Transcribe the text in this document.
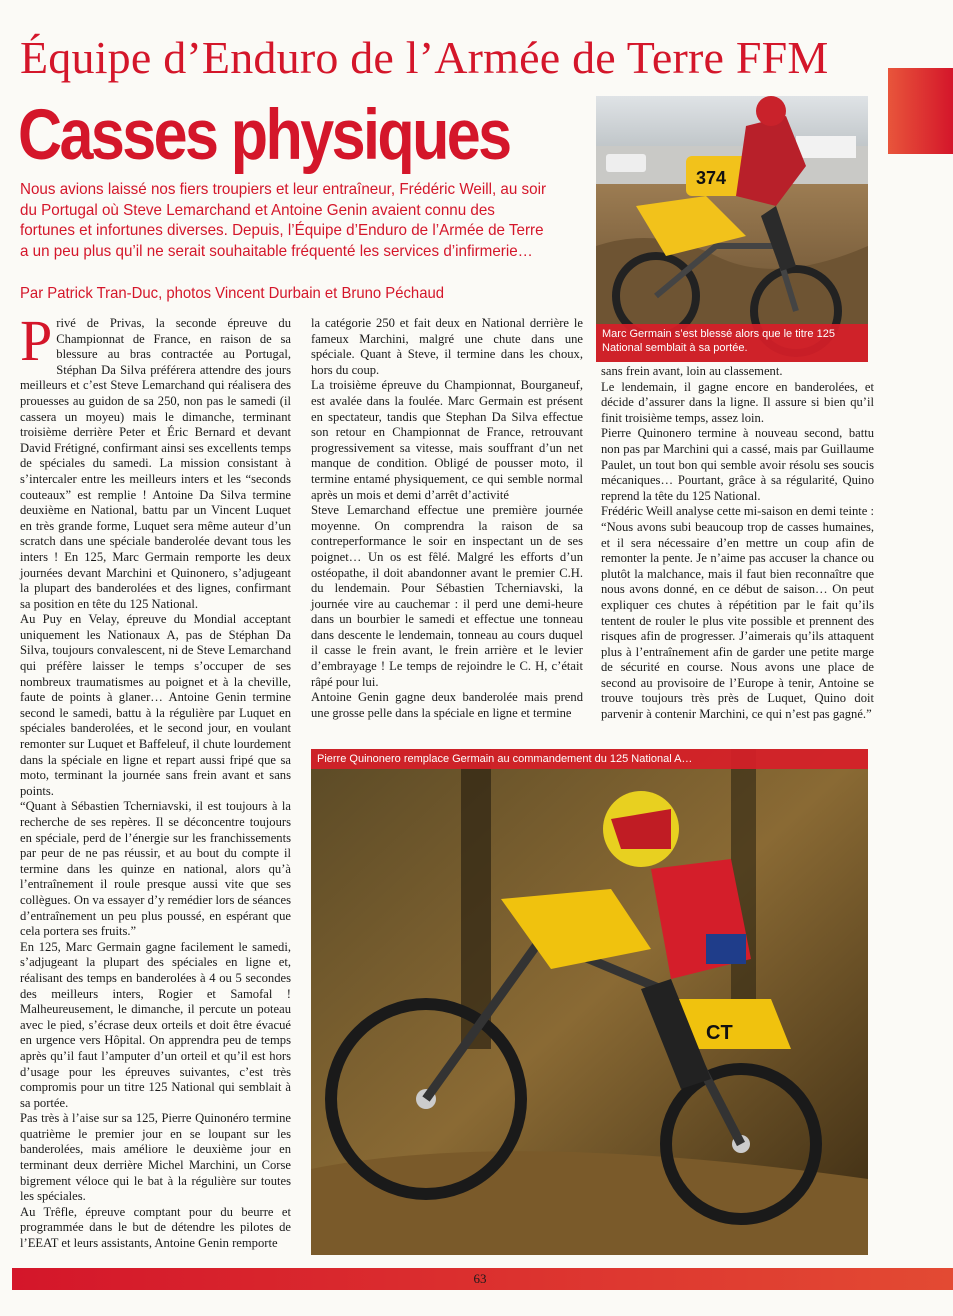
Équipe d’Enduro de l’Armée de Terre FFM
Casses physiques
Nous avions laissé nos fiers troupiers et leur entraîneur, Frédéric Weill, au soir du Portugal où Steve Lemarchand et Antoine Genin avaient connu des fortunes et infortunes diverses. Depuis, l’Équipe d’Enduro de l’Armée de Terre a un peu plus qu’il ne serait souhaitable fréquenté les services d’infirmerie…
Par Patrick Tran-Duc, photos Vincent Durbain et Bruno Péchaud
374
Marc Germain s’est blessé alors que le titre 125 National semblait à sa portée.
CT
Pierre Quinonero remplace Germain au commandement du 125 National A…

Privé de Privas, la seconde épreuve du Championnat de France, en raison de sa blessure au bras contractée au Portugal, Stéphan Da Silva préférera attendre des jours meilleurs et c’est Steve Lemarchand qui réalisera des prouesses au guidon de sa 250, non pas le samedi (il cassera un moyeu) mais le dimanche, terminant troisième derrière Peter et Éric Bernard et devant David Frétigné, confirmant ainsi ses excellents temps de spéciales du samedi. La mission consistant à s’intercaler entre les meilleurs inters et les “seconds couteaux” est remplie ! Antoine Da Silva termine deuxième en National, battu par un Vincent Luquet en très grande forme, Luquet sera même auteur d’un scratch dans une spéciale banderolée devant tous les inters ! En 125, Marc Germain remporte les deux journées devant Marchini et Quinonero, s’adjugeant la plupart des banderolées et des lignes, confirmant sa position en tête du 125 National.

Au Puy en Velay, épreuve du Mondial acceptant uniquement les Nationaux A, pas de Stéphan Da Silva, toujours convalescent, ni de Steve Lemarchand qui préfère laisser le temps s’occuper de ses nombreux traumatismes au poignet et à la cheville, faute de points à glaner… Antoine Genin termine second le samedi, battu à la régulière par Luquet en spéciales banderolées, et le second jour, en voulant remonter sur Luquet et Baffeleuf, il chute lourdement dans la spéciale en ligne et repart aussi fripé que sa moto, terminant la journée sans frein avant et sans points.

“Quant à Sébastien Tcherniavski, il est toujours à la recherche de ses repères. Il se déconcentre toujours en spéciale, perd de l’énergie sur les franchissements par peur de ne pas réussir, et au bout du compte il termine dans les quinze en national, alors qu’à l’entraînement il roule presque aussi vite que ses collègues. On va essayer d’y remédier lors de séances d’entraînement un peu plus poussé, en espérant que cela portera ses fruits.”

En 125, Marc Germain gagne facilement le samedi, s’adjugeant la plupart des spéciales en ligne et, réalisant des temps en banderolées à 4 ou 5 secondes des meilleurs inters, Rogier et Samofal ! Malheureusement, le dimanche, il percute un poteau avec le pied, s’écrase deux orteils et doit être évacué en urgence vers Hôpital. On apprendra peu de temps après qu’il faut l’amputer d’un orteil et qu’il est hors d’usage pour les épreuves suivantes, c’est très compromis pour un titre 125 National qui semblait à sa portée.

Pas très à l’aise sur sa 125, Pierre Quinonéro termine quatrième le premier jour en se loupant sur les banderolées, mais améliore le deuxième jour en terminant deux derrière Michel Marchini, un Corse bigrement véloce qui le bat à la régulière sur toutes les spéciales.

Au Trêfle, épreuve comptant pour du beurre et programmée dans le but de détendre les pilotes de l’EEAT et leurs assistants, Antoine Genin remporte

la catégorie 250 et fait deux en National derrière le fameux Marchini, malgré une chute dans une spéciale. Quant à Steve, il termine dans les choux, hors du coup.

La troisième épreuve du Championnat, Bourganeuf, est avalée dans la foulée. Marc Germain est présent en spectateur, tandis que Stephan Da Silva effectue son retour en Championnat de France, retrouvant progressivement sa vitesse, mais souffrant d’un net manque de condition. Obligé de pousser moto, il termine entamé physiquement, ce qui semble normal après un mois et demi d’arrêt d’activité

Steve Lemarchand effectue une première journée moyenne. On comprendra la raison de sa contreperformance le soir en inspectant un de ses poignet… Un os est fêlé. Malgré les efforts d’un ostéopathe, il doit abandonner avant le premier C.H. du lendemain. Pour Sébastien Tcherniavski, la journée vire au cauchemar : il perd une demi-heure dans un bourbier le samedi et effectue une tonneau dans descente le lendemain, tonneau au cours duquel il casse le frein avant, le frein arrière et le levier d’embrayage ! Le temps de rejoindre le C. H, c’était râpé pour lui.

Antoine Genin gagne deux banderolée mais prend une grosse pelle dans la spéciale en ligne et termine

sans frein avant, loin au classement.

Le lendemain, il gagne encore en banderolées, et décide d’assurer dans la ligne. Il assure si bien qu’il finit troisième temps, assez loin.

Pierre Quinonero termine à nouveau second, battu non pas par Marchini qui a cassé, mais par Guillaume Paulet, un tout bon qui semble avoir résolu ses soucis mécaniques… Pourtant, grâce à sa régularité, Quino reprend la tête du 125 National.

Frédéric Weill analyse cette mi-saison en demi teinte : “Nous avons subi beaucoup trop de casses humaines, et il sera nécessaire d’en mettre un coup afin de remonter la pente. Je n’aime pas accuser la chance ou plutôt la malchance, mais il faut bien reconnaître que nous avons donné, en ce début de saison… On peut expliquer ces chutes à répétition par le fait qu’ils tentent de rouler le plus vite possible et prennent des risques afin de progresser. J’aimerais qu’ils attaquent plus à l’entraînement afin de garder une petite marge de sécurité en course. Nous avons une place de second au provisoire de l’Europe à tenir, Antoine se trouve toujours très près de Luquet, Quino doit parvenir à contenir Marchini, ce qui n’est pas gagné.”

63
